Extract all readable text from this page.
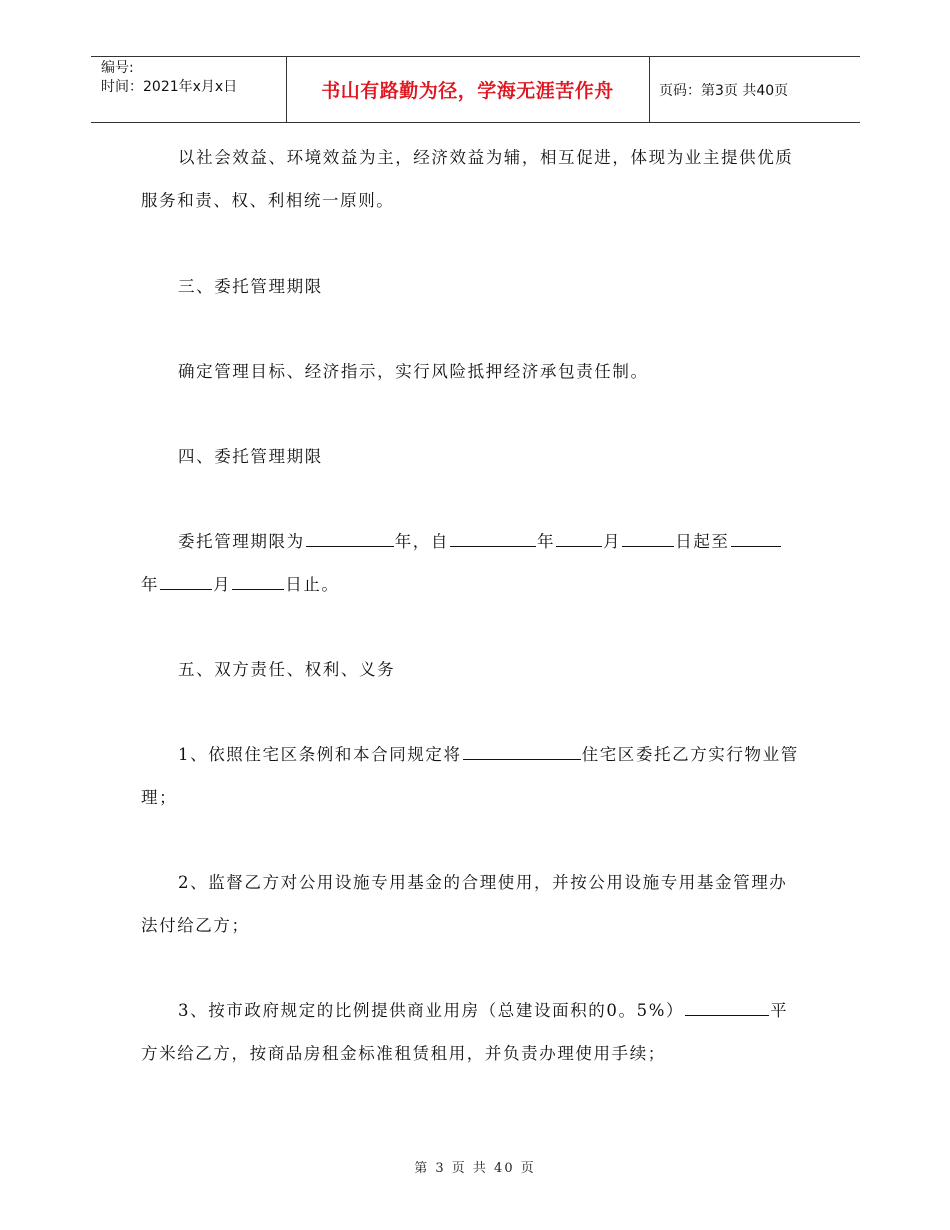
编号:
时间：2021年x月x日	书山有路勤为径，学海无涯苦作舟	页码：第3页 共40页
以社会效益、环境效益为主，经济效益为辅，相互促进，体现为业主提供优质
服务和责、权、利相统一原则。
三、委托管理期限
确定管理目标、经济指示，实行风险抵押经济承包责任制。
四、委托管理期限
委托管理期限为	年，自	年	月	日起至
年	月	日止。
五、双方责任、权利、义务
1、依照住宅区条例和本合同规定将	住宅区委托乙方实行物业管
理；
2、监督乙方对公用设施专用基金的合理使用，并按公用设施专用基金管理办
法付给乙方；
3、按市政府规定的比例提供商业用房（总建设面积的0。5%）	平
方米给乙方，按商品房租金标准租赁租用，并负责办理使用手续；
第 3 页 共 40 页
